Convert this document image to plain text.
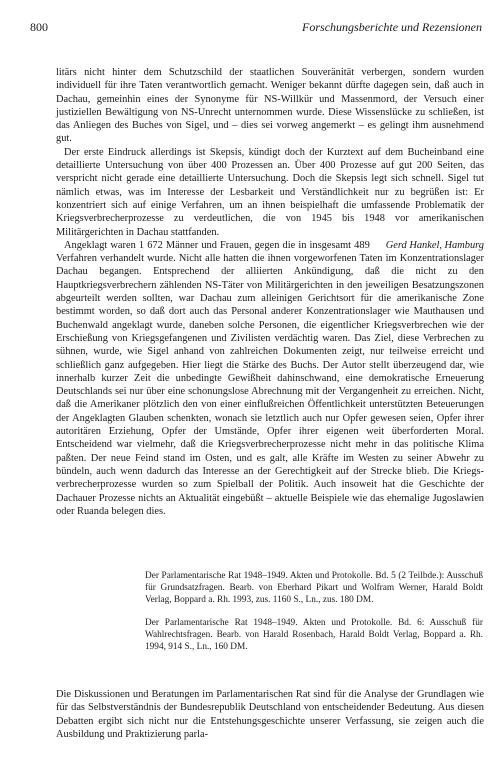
800	Forschungsberichte und Rezensionen

litärs nicht hinter dem Schutzschild der staatlichen Souveränität verbergen, sondern wurden individuell für ihre Taten verantwortlich gemacht. Weniger bekannt dürfte dagegen sein, daß auch in Dachau, gemeinhin eines der Synonyme für NS-Willkür und Massenmord, der Versuch einer justiziellen Bewältigung von NS-Unrecht unternommen wurde. Diese Wissenslücke zu schließen, ist das Anliegen des Buches von Sigel, und – dies sei vorweg angemerkt – es gelingt ihm ausnehmend gut.

Der erste Eindruck allerdings ist Skepsis, kündigt doch der Kurztext auf dem Bucheinband eine detaillierte Untersuchung von über 400 Prozessen an. Über 400 Prozesse auf gut 200 Seiten, das verspricht nicht gerade eine detaillierte Untersuchung. Doch die Skepsis legt sich schnell. Sigel tut nämlich etwas, was im Interesse der Lesbarkeit und Verständlichkeit nur zu begrüßen ist: Er konzentriert sich auf einige Verfahren, um an ihnen beispielhaft die umfassende Problematik der Kriegsverbrecherprozesse zu verdeutlichen, die von 1945 bis 1948 vor amerikanischen Militärgerichten in Dachau stattfanden.

Gerd Hankel, Hamburg
Angeklagt waren 1 672 Männer und Frauen, gegen die in insgesamt 489 Verfahren verhandelt wurde. Nicht alle hatten die ihnen vorgeworfenen Taten im Konzentrationslager Dachau begangen. Entsprechend der alliierten Ankündigung, daß die nicht zu den Hauptkriegsverbrechern zählenden NS-Täter von Militärgerichten in den jeweiligen Besatzungszonen abgeurteilt werden sollten, war Dachau zum alleinigen Gerichtsort für die amerikanische Zone bestimmt worden, so daß dort auch das Personal anderer Konzentrationslager wie Mauthausen und Buchenwald angeklagt wurde, daneben solche Personen, die eigentlicher Kriegsverbrechen wie der Erschießung von Kriegsgefangenen und Zivilisten verdächtig waren. Das Ziel, diese Verbrechen zu sühnen, wurde, wie Sigel anhand von zahlreichen Dokumenten zeigt, nur teilweise erreicht und schließlich ganz aufgegeben. Hier liegt die Stärke des Buchs. Der Autor stellt überzeugend dar, wie innerhalb kurzer Zeit die unbedingte Gewißheit dahinschwand, eine demokratische Erneuerung Deutschlands sei nur über eine schonungslose Abrechnung mit der Vergangenheit zu erreichen. Nicht, daß die Amerikaner plötzlich den von einer einflußreichen Öffentlichkeit unterstützten Beteuerungen der Angeklagten Glauben schenkten, wonach sie letztlich auch nur Opfer gewesen seien, Opfer ihrer autoritären Erziehung, Opfer der Umstände, Opfer ihrer eigenen weit überforderten Moral. Entscheidend war vielmehr, daß die Kriegsverbrecherprozesse nicht mehr in das politische Klima paßten. Der neue Feind stand im Osten, und es galt, alle Kräfte im Westen zu seiner Abwehr zu bündeln, auch wenn dadurch das Interesse an der Gerechtigkeit auf der Strecke blieb. Die Kriegsverbrecherprozesse wurden so zum Spielball der Politik. Auch insoweit hat die Geschichte der Dachauer Prozesse nichts an Aktualität eingebüßt – aktuelle Beispiele wie das ehemalige Jugoslawien oder Ruanda belegen dies.

Der Parlamentarische Rat 1948–1949. Akten und Protokolle. Bd. 5 (2 Teilbde.): Ausschuß für Grundsatzfragen. Bearb. von Eberhard Pikart und Wolfram Werner, Harald Boldt Verlag, Boppard a. Rh. 1993, zus. 1160 S., Ln., zus. 180 DM.

Der Parlamentarische Rat 1948–1949. Akten und Protokolle. Bd. 6: Ausschuß für Wahlrechtsfragen. Bearb. von Harald Rosenbach, Harald Boldt Verlag, Boppard a. Rh. 1994, 914 S., Ln., 160 DM.

Die Diskussionen und Beratungen im Parlamentarischen Rat sind für die Analyse der Grundlagen wie für das Selbstverständnis der Bundesrepublik Deutschland von entscheidender Bedeutung. Aus diesen Debatten ergibt sich nicht nur die Entstehungsgeschichte unserer Verfassung, sie zeigen auch die Ausbildung und Praktizierung parla-
